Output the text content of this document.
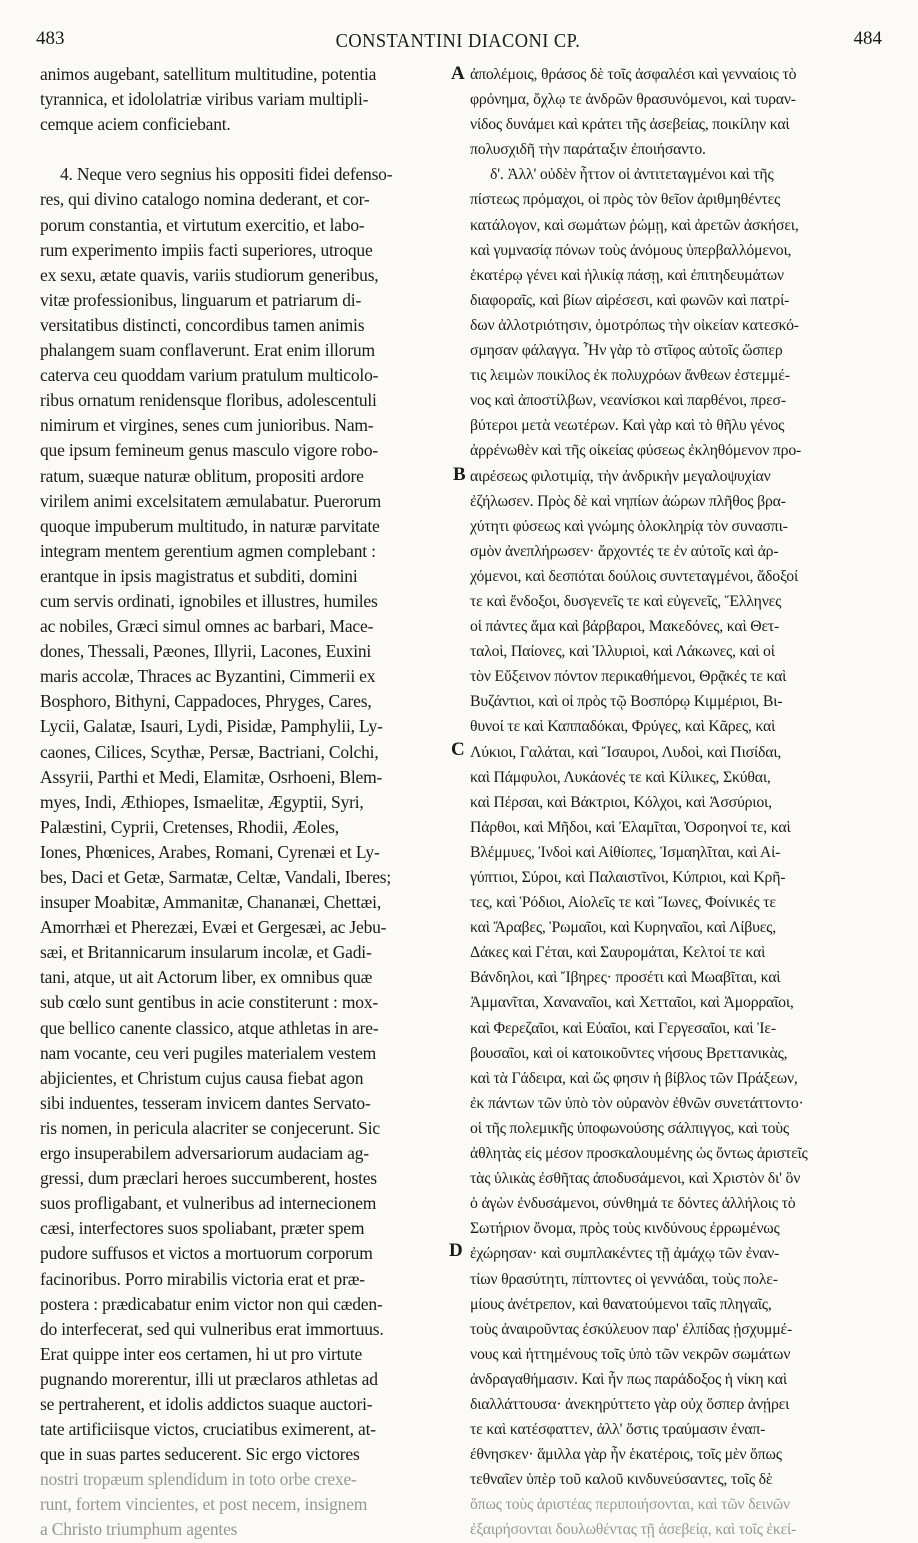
483	CONSTANTINI DIACONI CP.	484
A
B
C
D
animos augebant, satellitum multitudine, potentia
tyrannica, et idololatriæ viribus variam multipli-
cemque aciem conficiebant.
4. Neque vero segnius his oppositi fidei defenso-
res, qui divino catalogo nomina dederant, et cor-
porum constantia, et virtutum exercitio, et labo-
rum experimento impiis facti superiores, utroque
ex sexu, ætate quavis, variis studiorum generibus,
vitæ professionibus, linguarum et patriarum di-
versitatibus distincti, concordibus tamen animis
phalangem suam conflaverunt. Erat enim illorum
caterva ceu quoddam varium pratulum multicolo-
ribus ornatum renidensque floribus, adolescentuli
nimirum et virgines, senes cum junioribus. Nam-
que ipsum femineum genus masculo vigore robo-
ratum, suæque naturæ oblitum, propositi ardore
virilem animi excelsitatem æmulabatur. Puerorum
quoque impuberum multitudo, in naturæ parvitate
integram mentem gerentium agmen complebant :
erantque in ipsis magistratus et subditi, domini
cum servis ordinati, ignobiles et illustres, humiles
ac nobiles, Græci simul omnes ac barbari, Mace-
dones, Thessali, Pæones, Illyrii, Lacones, Euxini
maris accolæ, Thraces ac Byzantini, Cimmerii ex
Bosphoro, Bithyni, Cappadoces, Phryges, Cares,
Lycii, Galatæ, Isauri, Lydi, Pisidæ, Pamphylii, Ly-
caones, Cilices, Scythæ, Persæ, Bactriani, Colchi,
Assyrii, Parthi et Medi, Elamitæ, Osrhoeni, Blem-
myes, Indi, Æthiopes, Ismaelitæ, Ægyptii, Syri,
Palæstini, Cyprii, Cretenses, Rhodii, Æoles,
Iones, Phœnices, Arabes, Romani, Cyrenæi et Ly-
bes, Daci et Getæ, Sarmatæ, Celtæ, Vandali, Iberes;
insuper Moabitæ, Ammanitæ, Chananæi, Chettæi,
Amorrhæi et Pherezæi, Evæi et Gergesæi, ac Jebu-
sæi, et Britannicarum insularum incolæ, et Gadi-
tani, atque, ut ait Actorum liber, ex omnibus quæ
sub cœlo sunt gentibus in acie constiterunt : mox-
que bellico canente classico, atque athletas in are-
nam vocante, ceu veri pugiles materialem vestem
abjicientes, et Christum cujus causa fiebat agon
sibi induentes, tesseram invicem dantes Servato-
ris nomen, in pericula alacriter se conjecerunt. Sic
ergo insuperabilem adversariorum audaciam ag-
gressi, dum præclari heroes succumberent, hostes
suos profligabant, et vulneribus ad internecionem
cæsi, interfectores suos spoliabant, præter spem
pudore suffusos et victos a mortuorum corporum
facinoribus. Porro mirabilis victoria erat et præ-
postera : prædicabatur enim victor non qui cæden-
do interfecerat, sed qui vulneribus erat immortuus.
Erat quippe inter eos certamen, hi ut pro virtute
pugnando morerentur, illi ut præclaros athletas ad
se pertraherent, et idolis addictos suaque auctori-
tate artificiisque victos, cruciatibus eximerent, at-
que in suas partes seducerent. Sic ergo victores
nostri tropæum splendidum in toto orbe crexe-
runt, fortem vincientes, et post necem, insignem
a Christo triumphum agentes
ἀπολέμοις, θράσος δὲ τοῖς ἀσφαλέσι καὶ γενναίοις τὸ
φρόνημα, ὄχλῳ τε ἀνδρῶν θρασυνόμενοι, καὶ τυραν-
νίδος δυνάμει καὶ κράτει τῆς ἀσεβείας, ποικίλην καὶ
πολυσχιδῆ τὴν παράταξιν ἐποιήσαντο.
δ'. Ἀλλ' οὐδὲν ἧττον οἱ ἀντιτεταγμένοι καὶ τῆς
πίστεως πρόμαχοι, οἱ πρὸς τὸν θεῖον ἀριθμηθέντες
κατάλογον, καὶ σωμάτων ῥώμῃ, καὶ ἀρετῶν ἀσκήσει,
καὶ γυμνασίᾳ πόνων τοὺς ἀνόμους ὑπερβαλλόμενοι,
ἑκατέρῳ γένει καὶ ἡλικίᾳ πάσῃ, καὶ ἐπιτηδευμάτων
διαφοραῖς, καὶ βίων αἱρέσεσι, καὶ φωνῶν καὶ πατρί-
δων ἀλλοτριότησιν, ὁμοτρόπως τὴν οἰκείαν κατεσκό-
σμησαν φάλαγγα. Ἦν γὰρ τὸ στῖφος αὐτοῖς ὥσπερ
τις λειμὼν ποικίλος ἐκ πολυχρόων ἄνθεων ἐστεμμέ-
νος καὶ ἀποστίλβων, νεανίσκοι καὶ παρθένοι, πρεσ-
βύτεροι μετὰ νεωτέρων. Καὶ γὰρ καὶ τὸ θῆλυ γένος
ἀρρένωθὲν καὶ τῆς οἰκείας φύσεως ἐκληθόμενον προ-
αιρέσεως φιλοτιμίᾳ, τὴν ἀνδρικὴν μεγαλοψυχίαν
ἐζήλωσεν. Πρὸς δὲ καὶ νηπίων ἀώρων πλῆθος βρα-
χύτητι φύσεως καὶ γνώμης ὁλοκληρίᾳ τὸν συνασπι-
σμὸν ἀνεπλήρωσεν· ἄρχοντές τε ἐν αὐτοῖς καὶ ἀρ-
χόμενοι, καὶ δεσπόται δούλοις συντεταγμένοι, ἄδοξοί
τε καὶ ἔνδοξοι, δυσγενεῖς τε καὶ εὐγενεῖς, Ἕλληνες
οἱ πάντες ἅμα καὶ βάρβαροι, Μακεδόνες, καὶ Θετ-
ταλοὶ, Παίονες, καὶ Ἰλλυριοὶ, καὶ Λάκωνες, καὶ οἱ
τὸν Εὔξεινον πόντον περικαθήμενοι, Θρᾷκές τε καὶ
Βυζάντιοι, καὶ οἱ πρὸς τῷ Βοσπόρῳ Κιμμέριοι, Βι-
θυνοί τε καὶ Καππαδόκαι, Φρύγες, καὶ Κᾶρες, καὶ
Λύκιοι, Γαλάται, καὶ Ἴσαυροι, Λυδοὶ, καὶ Πισίδαι,
καὶ Πάμφυλοι, Λυκάονές τε καὶ Κίλικες, Σκύθαι,
καὶ Πέρσαι, καὶ Βάκτριοι, Κόλχοι, καὶ Ἀσσύριοι,
Πάρθοι, καὶ Μῆδοι, καὶ Ἐλαμῖται, Ὀσροηνοί τε, καὶ
Βλέμμυες, Ἰνδοὶ καὶ Αἰθίοπες, Ἰσμαηλῖται, καὶ Αἰ-
γύπτιοι, Σύροι, καὶ Παλαιστῖνοι, Κύπριοι, καὶ Κρῆ-
τες, καὶ Ῥόδιοι, Αἰολεῖς τε καὶ Ἴωνες, Φοίνικές τε
καὶ Ἄραβες, Ῥωμαῖοι, καὶ Κυρηναῖοι, καὶ Λίβυες,
Δάκες καὶ Γέται, καὶ Σαυρομάται, Κελτοί τε καὶ
Βάνδηλοι, καὶ Ἴβηρες· προσέτι καὶ Μωαβῖται, καὶ
Ἀμμανῖται, Χαναναῖοι, καὶ Χετταῖοι, καὶ Ἀμορραῖοι,
καὶ Φερεζαῖοι, καὶ Εὐαῖοι, καὶ Γεργεσαῖοι, καὶ Ἰε-
βουσαῖοι, καὶ οἱ κατοικοῦντες νήσους Βρεττανικὰς,
καὶ τὰ Γάδειρα, καὶ ὥς φησιν ἡ βίβλος τῶν Πράξεων,
ἐκ πάντων τῶν ὑπὸ τὸν οὐρανὸν ἐθνῶν συνετάττοντο·
οἱ τῆς πολεμικῆς ὑποφωνούσης σάλπιγγος, καὶ τοὺς
ἀθλητὰς εἰς μέσον προσκαλουμένης ὡς ὄντως ἀριστεῖς
τὰς ὑλικὰς ἐσθῆτας ἀποδυσάμενοι, καὶ Χριστὸν δι' ὃν
ὁ ἀγὼν ἐνδυσάμενοι, σύνθημά τε δόντες ἀλλήλοις τὸ
Σωτήριον ὄνομα, πρὸς τοὺς κινδύνους ἐρρωμένως
ἐχώρησαν· καὶ συμπλακέντες τῇ ἀμάχῳ τῶν ἐναν-
τίων θρασύτητι, πίπτοντες οἱ γεννάδαι, τοὺς πολε-
μίους ἀνέτρεπον, καὶ θανατούμενοι ταῖς πληγαῖς,
τοὺς ἀναιροῦντας ἐσκύλευον παρ' ἐλπίδας ᾐσχυμμέ-
νους καὶ ἡττημένους τοῖς ὑπὸ τῶν νεκρῶν σωμάτων
ἀνδραγαθήμασιν. Καὶ ἦν πως παράδοξος ἡ νίκη καὶ
διαλλάττουσα· ἀνεκηρύττετο γὰρ οὐχ ὅσπερ ἀνῄρει
τε καὶ κατέσφαττεν, ἀλλ' ὅστις τραύμασιν ἐναπ-
έθνησκεν· ἅμιλλα γὰρ ἦν ἑκατέροις, τοῖς μὲν ὅπως
τεθναῖεν ὑπὲρ τοῦ καλοῦ κινδυνεύσαντες, τοῖς δὲ
ὅπως τοὺς ἀριστέας περιποιήσονται, καὶ τῶν δεινῶν
ἐξαιρήσονται δουλωθέντας τῇ ἀσεβείᾳ, καὶ τοῖς ἐκεί-
